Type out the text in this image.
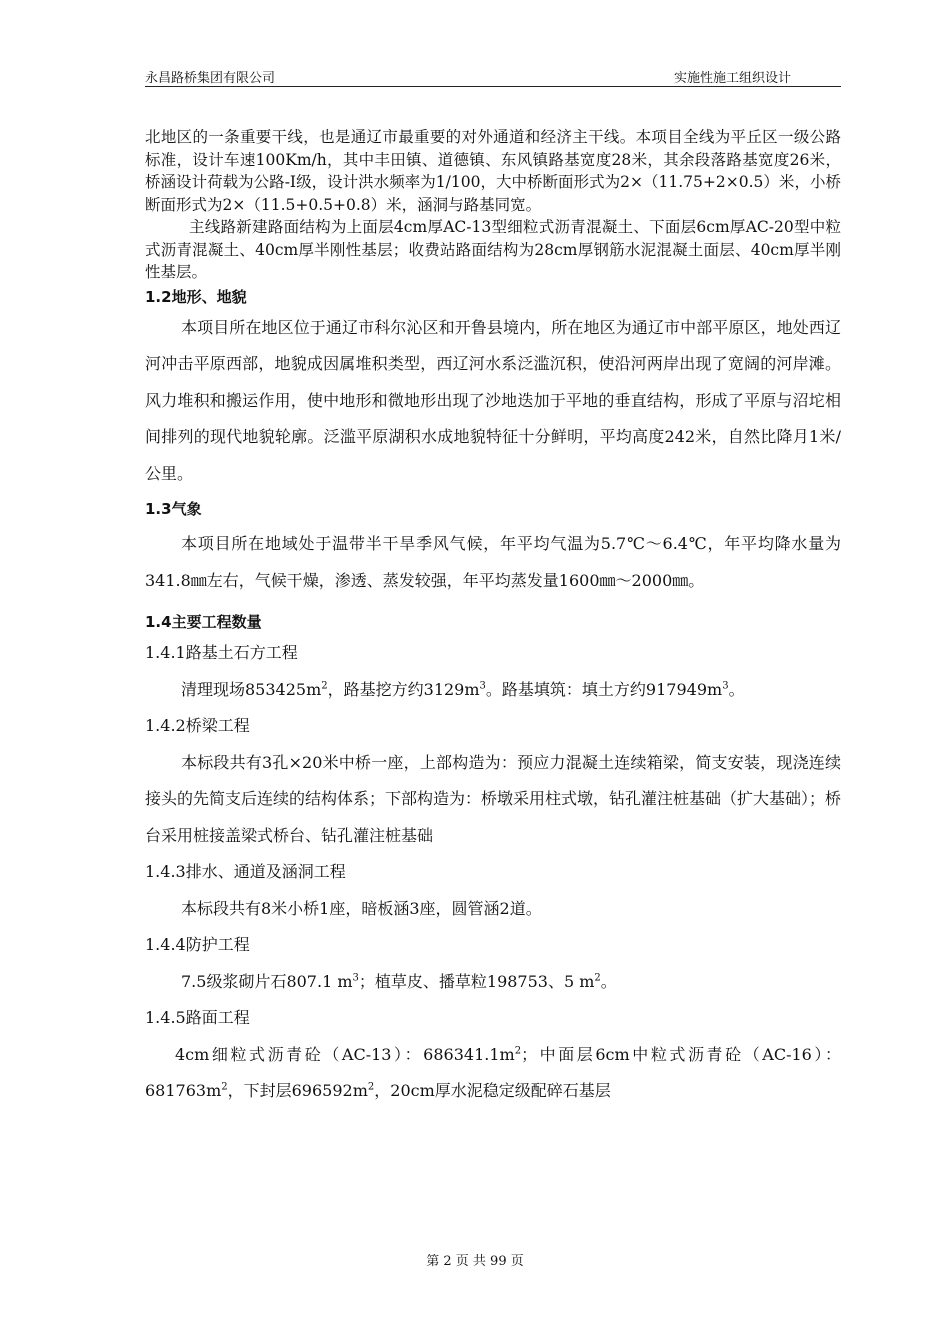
永昌路桥集团有限公司	实施性施工组织设计

北地区的一条重要干线，也是通辽市最重要的对外通道和经济主干线。本项目全线为平丘区一级公路标准，设计车速100Km/h，其中丰田镇、道德镇、东风镇路基宽度28米，其余段落路基宽度26米，桥涵设计荷载为公路-I级，设计洪水频率为1/100，大中桥断面形式为2×（11.75+2×0.5）米，小桥断面形式为2×（11.5+0.5+0.8）米，涵洞与路基同宽。

主线路新建路面结构为上面层4cm厚AC-13型细粒式沥青混凝土、下面层6cm厚AC-20型中粒式沥青混凝土、40cm厚半刚性基层；收费站路面结构为28cm厚钢筋水泥混凝土面层、40cm厚半刚性基层。

1.2地形、地貌

本项目所在地区位于通辽市科尔沁区和开鲁县境内，所在地区为通辽市中部平原区，地处西辽河冲击平原西部，地貌成因属堆积类型，西辽河水系泛滥沉积，使沿河两岸出现了宽阔的河岸滩。风力堆积和搬运作用，使中地形和微地形出现了沙地迭加于平地的垂直结构，形成了平原与沼坨相间排列的现代地貌轮廓。泛滥平原湖积水成地貌特征十分鲜明，平均高度242米，自然比降月1米/公里。

1.3气象

本项目所在地域处于温带半干旱季风气候，年平均气温为5.7℃～6.4℃，年平均降水量为341.8㎜左右，气候干燥，渗透、蒸发较强，年平均蒸发量1600㎜～2000㎜。

1.4主要工程数量

1.4.1路基土石方工程

清理现场$853425m^2$，路基挖方约$3129m^3$。路基填筑：填土方约$917949m^3$。

1.4.2桥梁工程

本标段共有3孔×20米中桥一座，上部构造为：预应力混凝土连续箱梁，简支安装，现浇连续接头的先简支后连续的结构体系；下部构造为：桥墩采用柱式墩，钻孔灌注桩基础（扩大基础）；桥台采用桩接盖梁式桥台、钻孔灌注桩基础

1.4.3排水、通道及涵洞工程

本标段共有8米小桥1座，暗板涵3座，圆管涵2道。

1.4.4防护工程

7.5级浆砌片石807.1 $m^3$；植草皮、播草粒198753、5 $m^2$。

1.4.5路面工程

4cm细粒式沥青砼（AC-13）：$686341.1m^2$；中面层6cm中粒式沥青砼（AC-16）：$681763m^2$，下封层$696592m^2$，20cm厚水泥稳定级配碎石基层

第 2 页 共 99 页
